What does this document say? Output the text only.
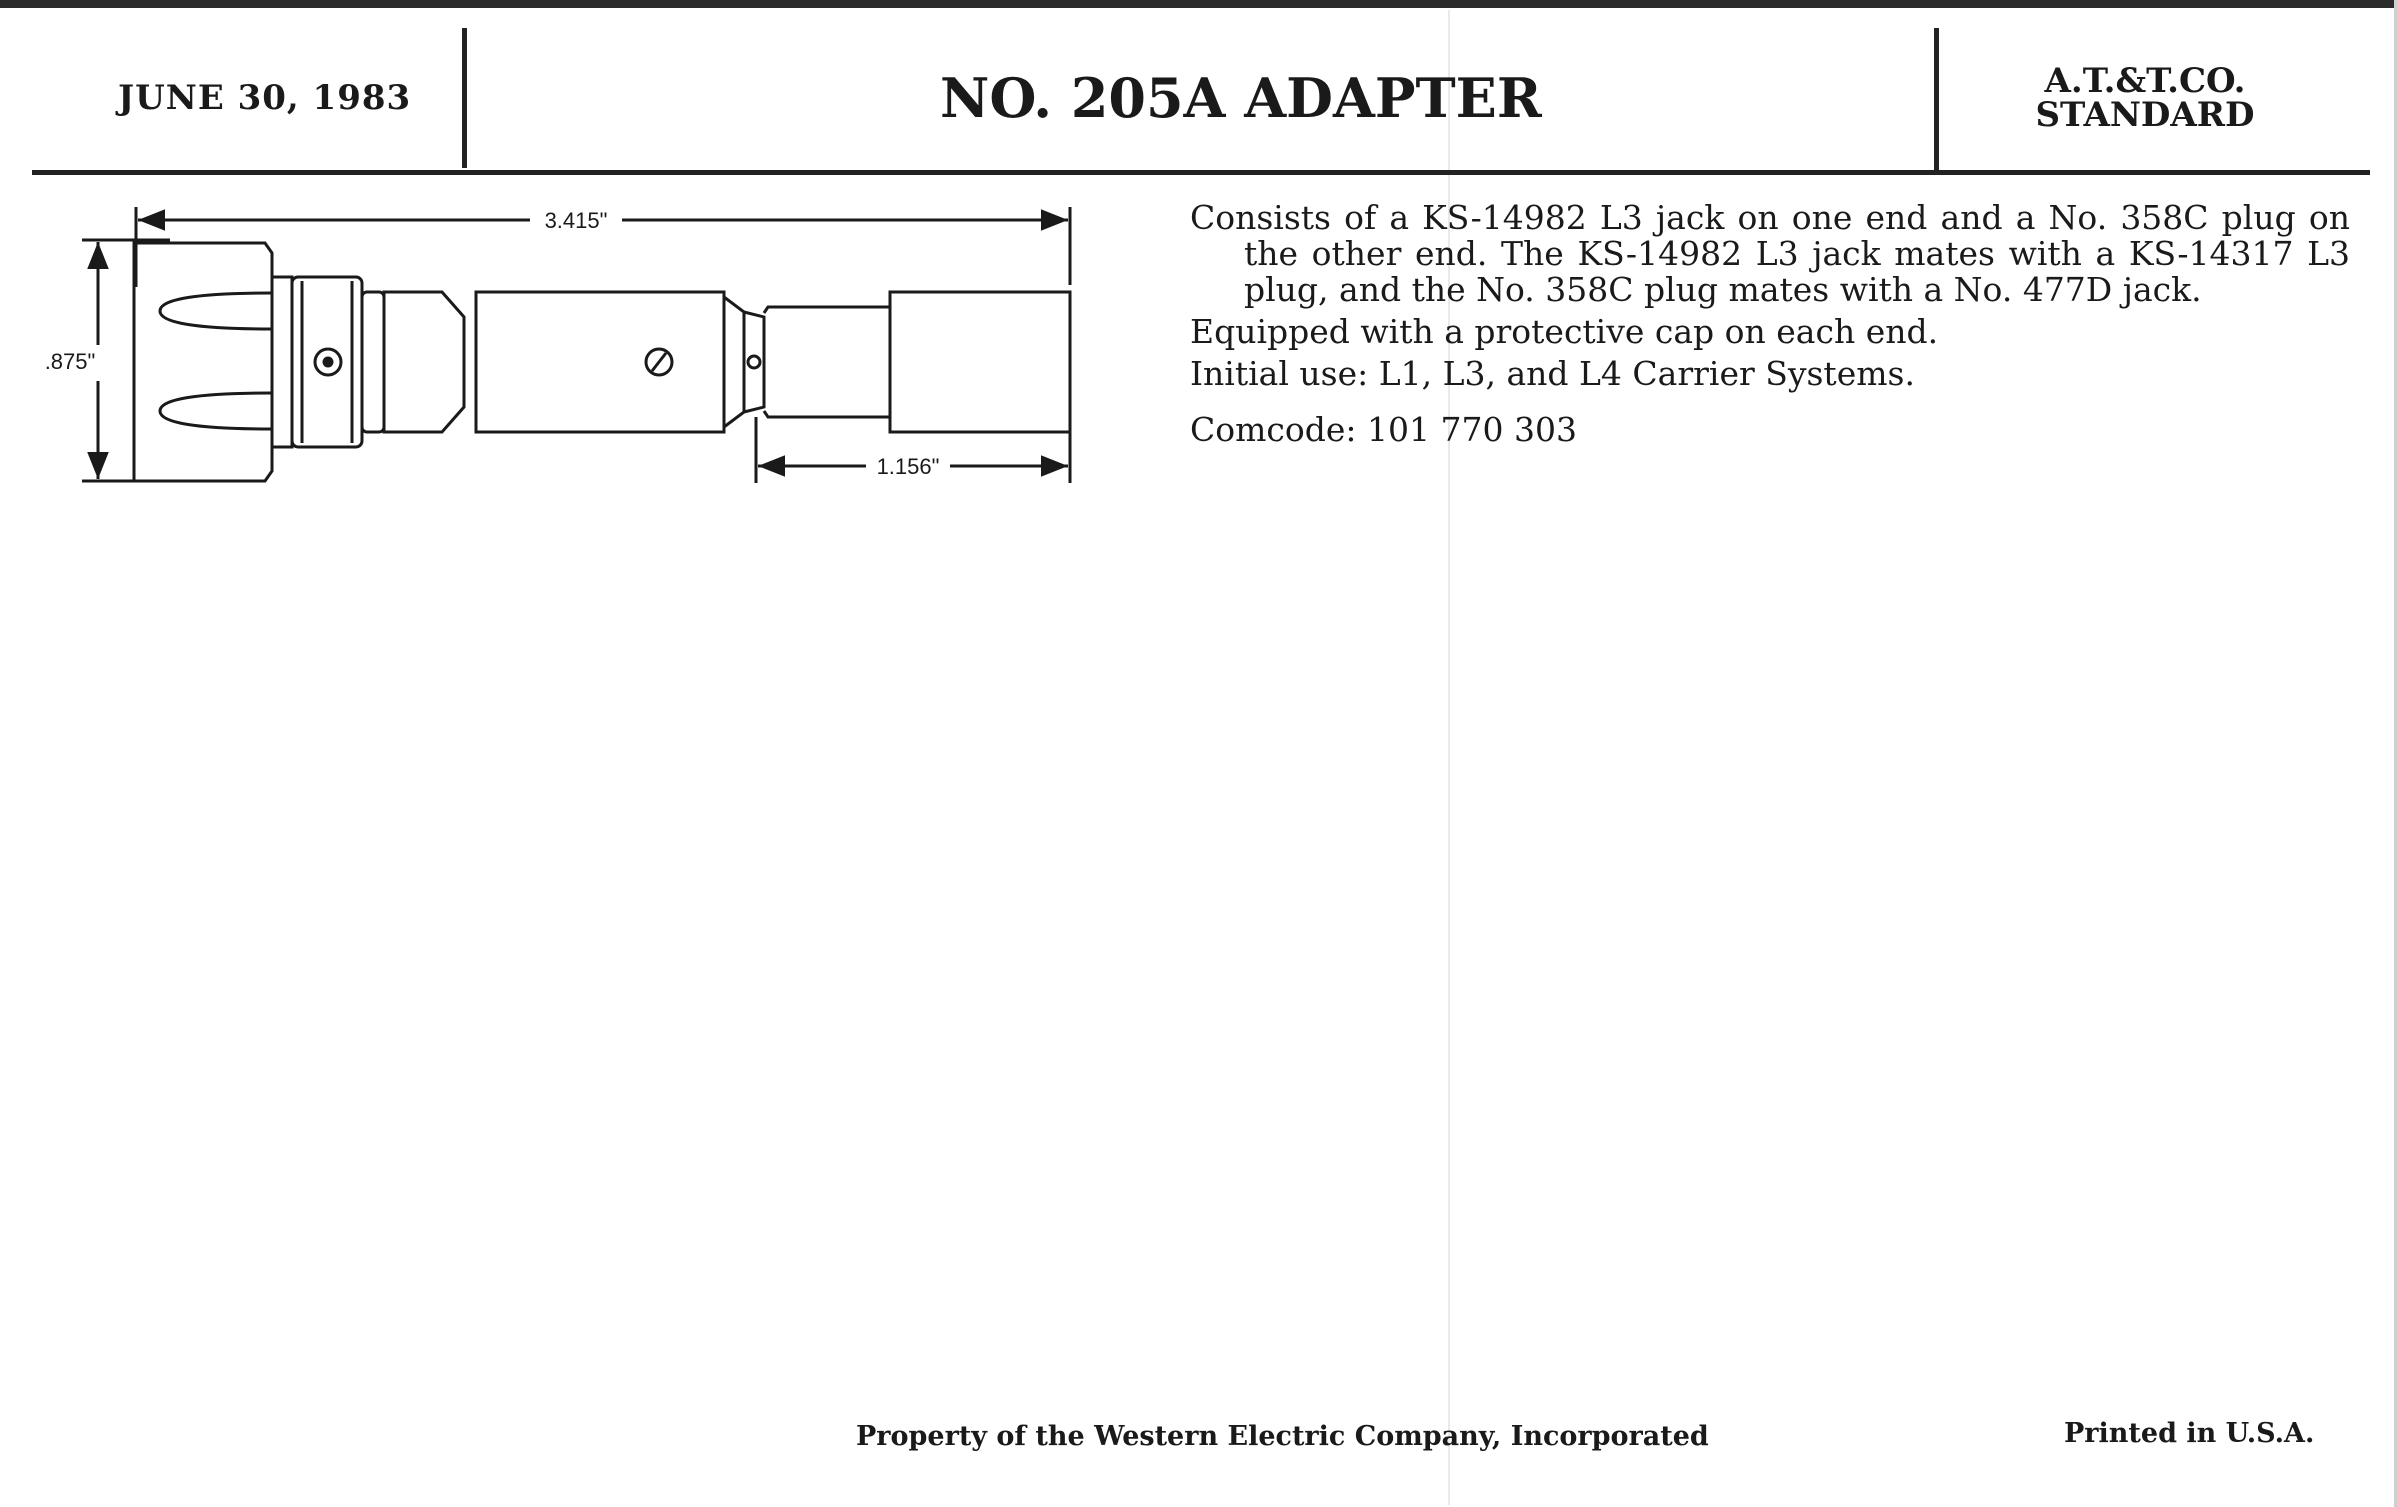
JUNE 30, 1983	NO. 205A ADAPTER	A.T.&T.CO.
STANDARD
3.415"
.875"
1.156"

Consists of a KS-14982 L3 jack on one end and a No. 358C plug on the other end. The KS-14982 L3 jack mates with a KS-14317 L3 plug, and the No. 358C plug mates with a No. 477D jack.

Equipped with a protective cap on each end.

Initial use: L1, L3, and L4 Carrier Systems.

Comcode: 101 770 303

Property of the Western Electric Company, Incorporated	Printed in U.S.A.
